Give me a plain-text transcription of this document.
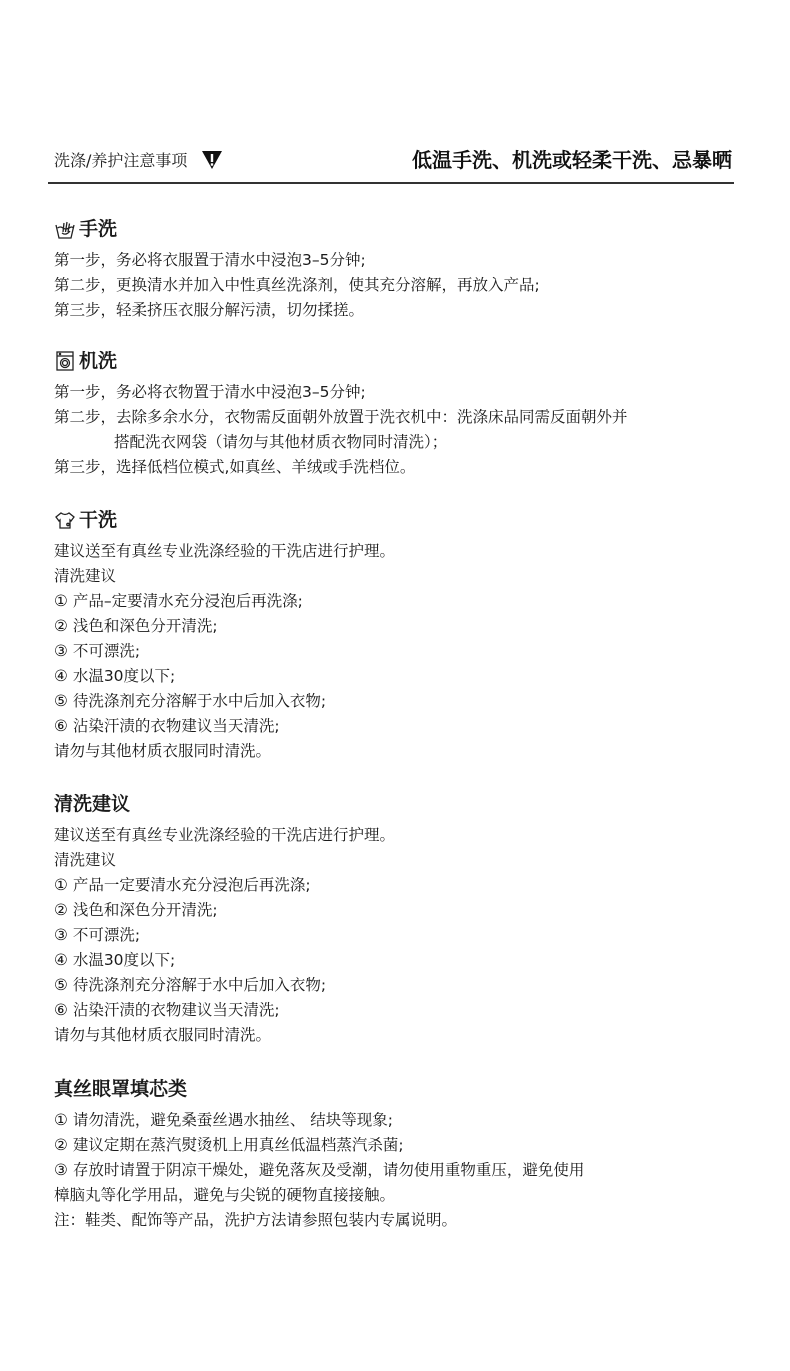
洗涤/养护注意事项	低温手洗、机洗或轻柔干洗、忌暴晒
手洗
第一步，务必将衣服置于清水中浸泡3–5分钟;
第二步，更换清水并加入中性真丝洗涤剂，使其充分溶解，再放入产品;
第三步，轻柔挤压衣服分解污渍，切勿揉搓。
机洗
第一步，务必将衣物置于清水中浸泡3–5分钟;
第二步，去除多余水分，衣物需反面朝外放置于洗衣机中：洗涤床品同需反面朝外并
搭配洗衣网袋（请勿与其他材质衣物同时清洗）；
第三步，选择低档位模式,如真丝、羊绒或手洗档位。
干洗
建议送至有真丝专业洗涤经验的干洗店进行护理。
清洗建议
① 产品–定要清水充分浸泡后再洗涤;
② 浅色和深色分开清洗;
③ 不可漂洗;
④ 水温30度以下;
⑤ 待洗涤剂充分溶解于水中后加入衣物;
⑥ 沾染汗渍的衣物建议当天清洗;
请勿与其他材质衣服同时清洗。
清洗建议
建议送至有真丝专业洗涤经验的干洗店进行护理。
清洗建议
① 产品一定要清水充分浸泡后再洗涤;
② 浅色和深色分开清洗;
③ 不可漂洗;
④ 水温30度以下;
⑤ 待洗涤剂充分溶解于水中后加入衣物;
⑥ 沾染汗渍的衣物建议当天清洗;
请勿与其他材质衣服同时清洗。
真丝眼罩填芯类
① 请勿清洗，避免桑蚕丝遇水抽丝、 结块等现象;
② 建议定期在蒸汽熨烫机上用真丝低温档蒸汽杀菌;
③ 存放时请置于阴凉干燥处，避免落灰及受潮，请勿使用重物重压，避免使用
樟脑丸等化学用品，避免与尖锐的硬物直接接触。
注：鞋类、配饰等产品，洗护方法请参照包装内专属说明。
